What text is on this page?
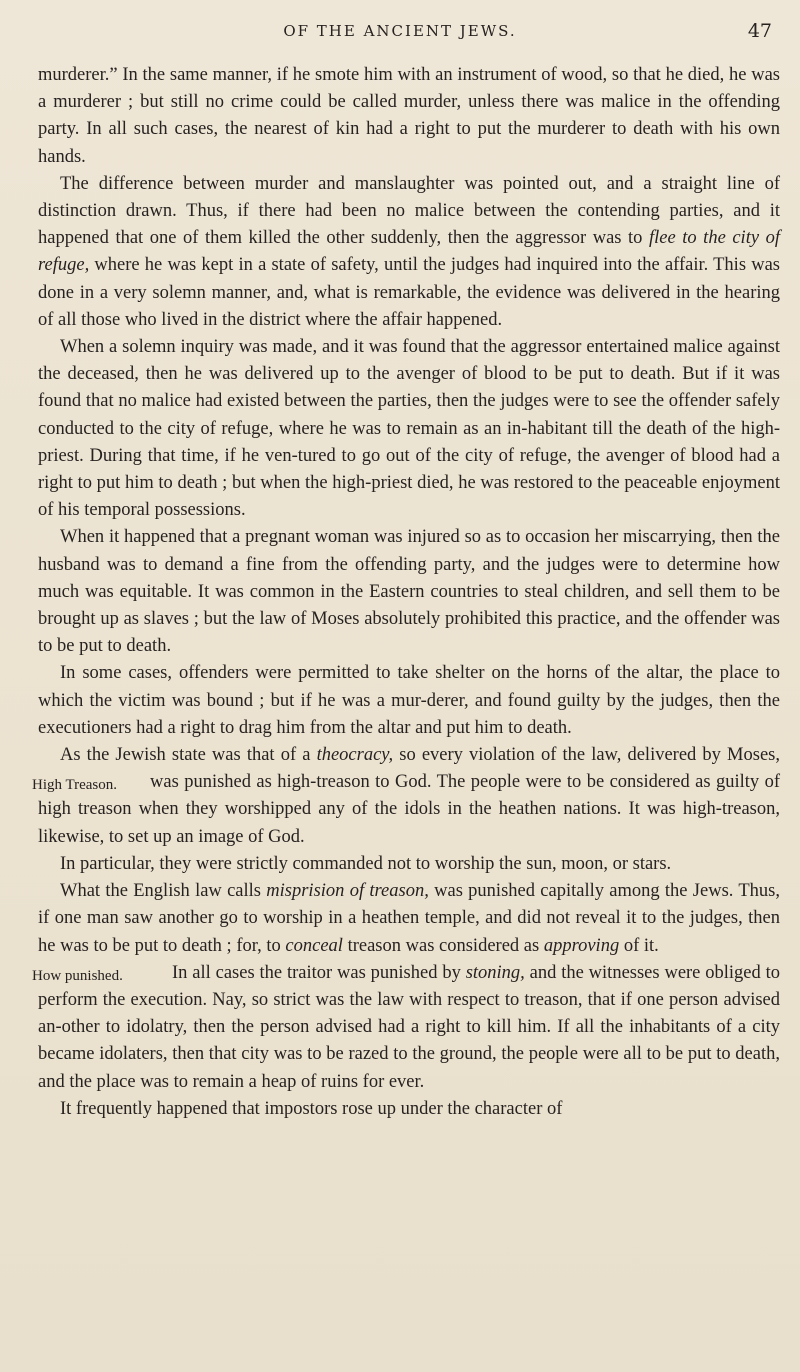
OF THE ANCIENT JEWS.	47

murderer.” In the same manner, if he smote him with an instrument of wood, so that he died, he was a murderer ; but still no crime could be called murder, unless there was malice in the offending party. In all such cases, the nearest of kin had a right to put the murderer to death with his own hands.

The difference between murder and manslaughter was pointed out, and a straight line of distinction drawn. Thus, if there had been no malice between the contending parties, and it happened that one of them killed the other suddenly, then the aggressor was to flee to the city of refuge, where he was kept in a state of safety, until the judges had inquired into the affair. This was done in a very solemn manner, and, what is remarkable, the evidence was delivered in the hearing of all those who lived in the district where the affair happened.

When a solemn inquiry was made, and it was found that the aggressor entertained malice against the deceased, then he was delivered up to the avenger of blood to be put to death. But if it was found that no malice had existed between the parties, then the judges were to see the offender safely conducted to the city of refuge, where he was to remain as an in-habitant till the death of the high-priest. During that time, if he ven-tured to go out of the city of refuge, the avenger of blood had a right to put him to death ; but when the high-priest died, he was restored to the peaceable enjoyment of his temporal possessions.

When it happened that a pregnant woman was injured so as to occasion her miscarrying, then the husband was to demand a fine from the offending party, and the judges were to determine how much was equitable. It was common in the Eastern countries to steal children, and sell them to be brought up as slaves ; but the law of Moses absolutely prohibited this practice, and the offender was to be put to death.

In some cases, offenders were permitted to take shelter on the horns of the altar, the place to which the victim was bound ; but if he was a mur-derer, and found guilty by the judges, then the executioners had a right to drag him from the altar and put him to death.

As the Jewish state was that of a theocracy, so every violation of the law, delivered by Moses, was punished as high-treason to God. The
High Treason.	people were to be considered as guilty of high treason when they worshipped any of the idols in the heathen nations. It was high-treason, likewise, to set up an image of God.

In particular, they were strictly commanded not to worship the sun, moon, or stars.

What the English law calls misprision of treason, was punished capitally among the Jews. Thus, if one man saw another go to worship in a heathen temple, and did not reveal it to the judges, then he was to be put to death ; for, to conceal treason was considered as approving of it.

In all cases the traitor was punished by stoning, and the witnesses were
How punished.	obliged to perform the execution. Nay, so strict was the law with respect to treason, that if one person advised an-other to idolatry, then the person advised had a right to kill him. If all the inhabitants of a city became idolaters, then that city was to be razed to the ground, the people were all to be put to death, and the place was to remain a heap of ruins for ever.

It frequently happened that impostors rose up under the character of
